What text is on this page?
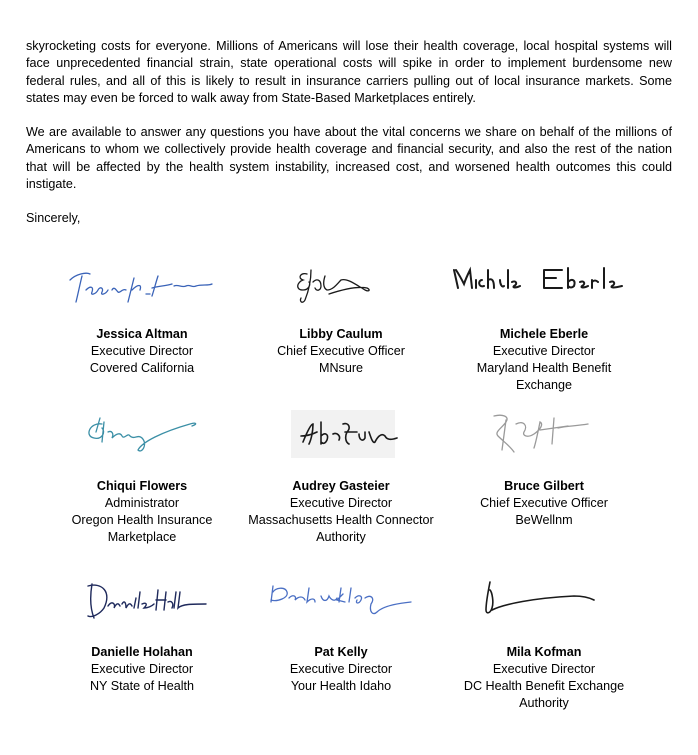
skyrocketing costs for everyone. Millions of Americans will lose their health coverage, local hospital systems will face unprecedented financial strain, state operational costs will spike in order to implement burdensome new federal rules, and all of this is likely to result in insurance carriers pulling out of local insurance markets. Some states may even be forced to walk away from State-Based Marketplaces entirely.

We are available to answer any questions you have about the vital concerns we share on behalf of the millions of Americans to whom we collectively provide health coverage and financial security, and also the rest of the nation that will be affected by the health system instability, increased cost, and worsened health outcomes this could instigate.

Sincerely,

Jessica Altman
Executive Director
Covered California
Libby Caulum
Chief Executive Officer
MNsure
Michele Eberle
Executive Director
Maryland Health Benefit
Exchange
Chiqui Flowers
Administrator
Oregon Health Insurance
Marketplace
Audrey Gasteier
Executive Director
Massachusetts Health Connector
Authority
Bruce Gilbert
Chief Executive Officer
BeWellnm
Danielle Holahan
Executive Director
NY State of Health
Pat Kelly
Executive Director
Your Health Idaho
Mila Kofman
Executive Director
DC Health Benefit Exchange
Authority
